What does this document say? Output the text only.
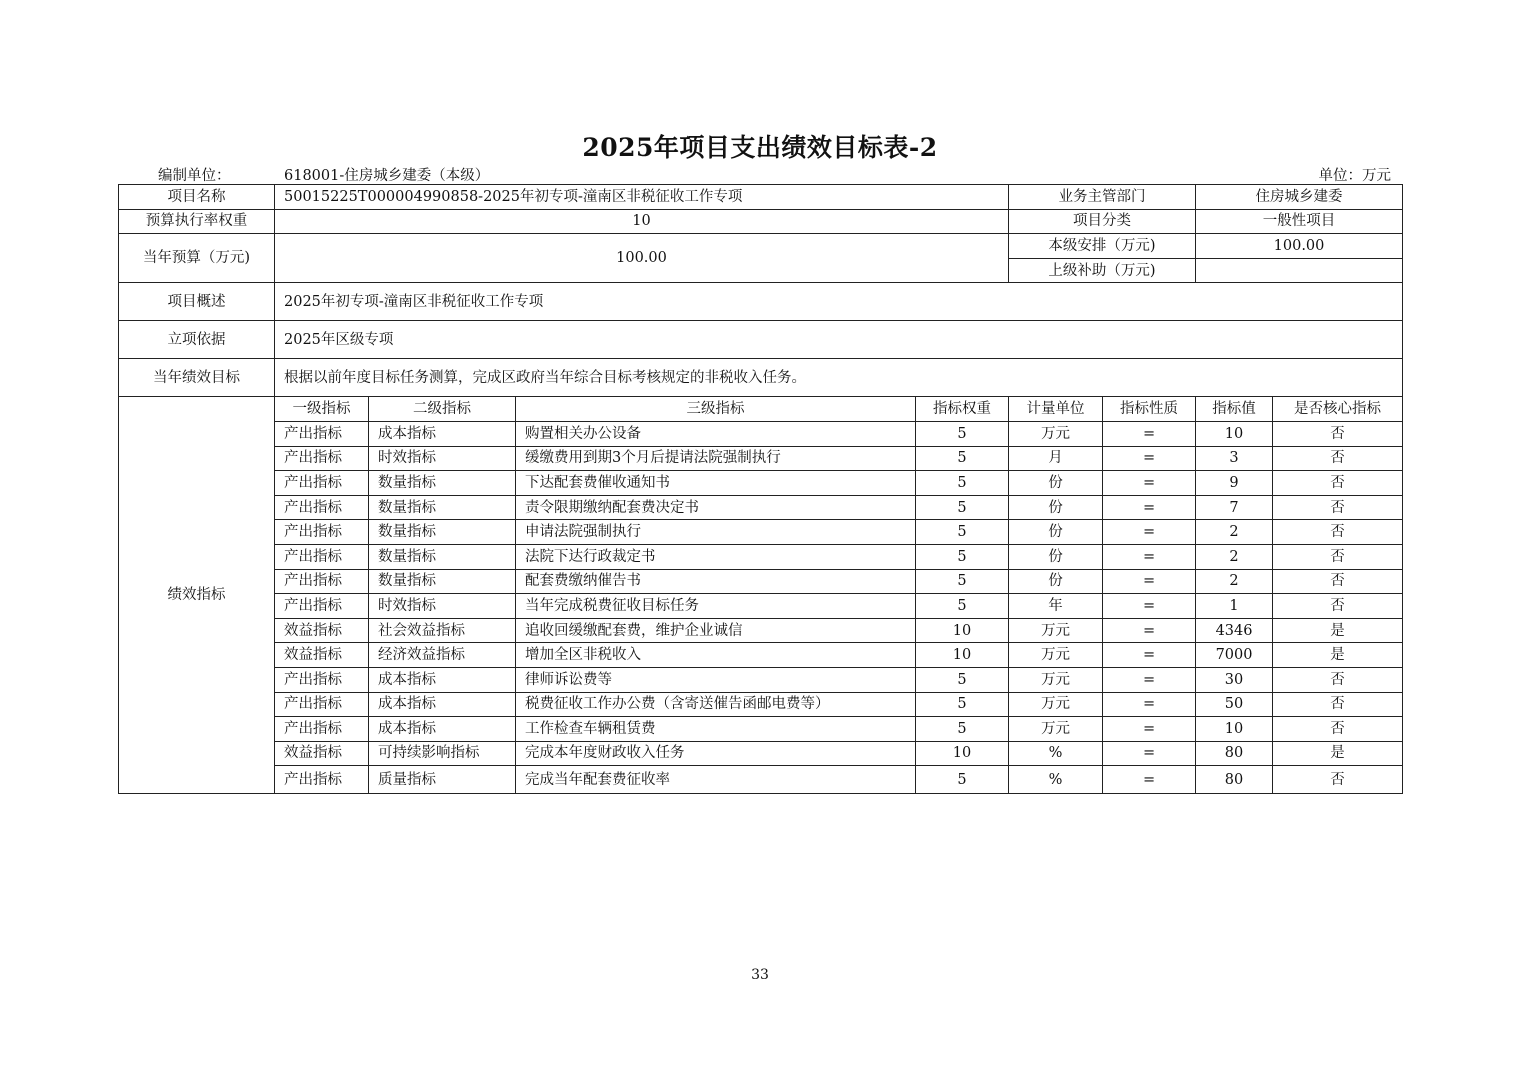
2025年项目支出绩效目标表-2
编制单位：	618001-住房城乡建委（本级）	单位：万元
项目名称	50015225T000004990858-2025年初专项-潼南区非税征收工作专项				业务主管部门		住房城乡建委	
预算执行率权重	10				项目分类		一般性项目	
当年预算（万元)	100.00				本级安排（万元)		100.00	
					上级补助（万元)			
项目概述	2025年初专项-潼南区非税征收工作专项							
立项依据	2025年区级专项							
当年绩效目标	根据以前年度目标任务测算，完成区政府当年综合目标考核规定的非税收入任务。							
绩效指标	一级指标	二级指标	三级指标	指标权重	计量单位	指标性质	指标值	是否核心指标
	产出指标	成本指标	购置相关办公设备	5	万元	=	10	否
	产出指标	时效指标	缓缴费用到期3个月后提请法院强制执行	5	月	=	3	否
	产出指标	数量指标	下达配套费催收通知书	5	份	=	9	否
	产出指标	数量指标	责令限期缴纳配套费决定书	5	份	=	7	否
	产出指标	数量指标	申请法院强制执行	5	份	=	2	否
	产出指标	数量指标	法院下达行政裁定书	5	份	=	2	否
	产出指标	数量指标	配套费缴纳催告书	5	份	=	2	否
	产出指标	时效指标	当年完成税费征收目标任务	5	年	=	1	否
	效益指标	社会效益指标	追收回缓缴配套费，维护企业诚信	10	万元	=	4346	是
	效益指标	经济效益指标	增加全区非税收入	10	万元	=	7000	是
	产出指标	成本指标	律师诉讼费等	5	万元	=	30	否
	产出指标	成本指标	税费征收工作办公费（含寄送催告函邮电费等）	5	万元	=	50	否
	产出指标	成本指标	工作检查车辆租赁费	5	万元	=	10	否
	效益指标	可持续影响指标	完成本年度财政收入任务	10	%	=	80	是
	产出指标	质量指标	完成当年配套费征收率	5	%	=	80	否
33
